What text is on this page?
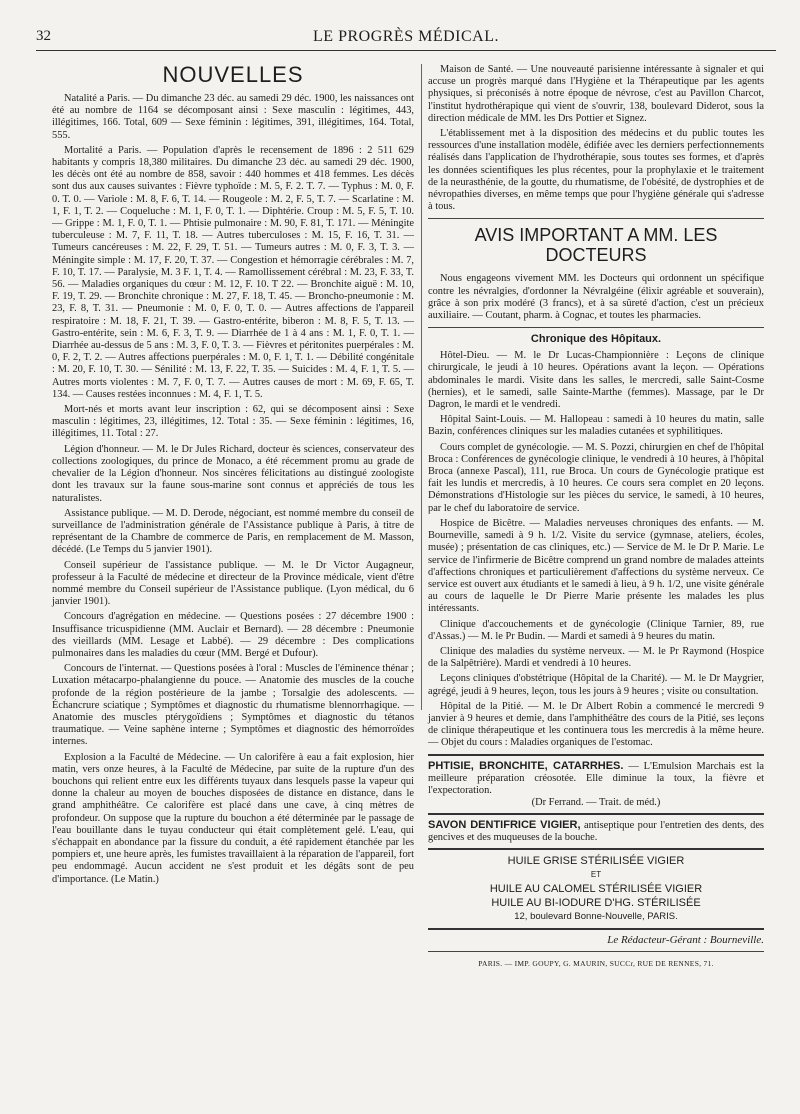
32	LE PROGRÈS MÉDICAL.
NOUVELLES

Natalité a Paris. — Du dimanche 23 déc. au samedi 29 déc. 1900, les naissances ont été au nombre de 1164 se décomposant ainsi : Sexe masculin : légitimes, 443, illégitimes, 166. Total, 609 — Sexe féminin : légitimes, 391, illégitimes, 164. Total, 555.

Mortalité a Paris. — Population d'après le recensement de 1896 : 2 511 629 habitants y compris 18,380 militaires. Du dimanche 23 déc. au samedi 29 déc. 1900, les décès ont été au nombre de 858, savoir : 440 hommes et 418 femmes. Les décès sont dus aux causes suivantes : Fièvre typhoïde : M. 5, F. 2. T. 7. — Typhus : M. 0, F. 0. T. 0. — Variole : M. 8, F. 6, T. 14. — Rougeole : M. 2, F. 5, T. 7. — Scarlatine : M. 1, F. 1, T. 2. — Coqueluche : M. 1, F. 0, T. 1. — Diphtérie. Croup : M. 5, F. 5, T. 10. — Grippe : M. 1, F. 0, T. 1. — Phtisie pulmonaire : M. 90, F. 81, T. 171. — Méningite tuberculeuse : M. 7, F. 11, T. 18. — Autres tuberculoses : M. 15, F. 16, T. 31. — Tumeurs cancéreuses : M. 22, F. 29, T. 51. — Tumeurs autres : M. 0, F. 3, T. 3. — Méningite simple : M. 17, F. 20, T. 37. — Congestion et hémorragie cérébrales : M. 7, F. 10, T. 17. — Paralysie, M. 3 F. 1, T. 4. — Ramollissement cérébral : M. 23, F. 33, T. 56. — Maladies organiques du cœur : M. 12, F. 10. T 22. — Bronchite aiguë : M. 10, F. 19, T. 29. — Bronchite chronique : M. 27, F. 18, T. 45. — Broncho-pneumonie : M. 23, F. 8, T. 31. — Pneumonie : M. 0, F. 0, T. 0. — Autres affections de l'appareil respiratoire : M. 18, F. 21, T. 39. — Gastro-entérite, biberon : M. 8, F. 5, T. 13. — Gastro-entérite, sein : M. 6, F. 3, T. 9. — Diarrhée de 1 à 4 ans : M. 1, F. 0, T. 1. — Diarrhée au-dessus de 5 ans : M. 3, F. 0, T. 3. — Fièvres et péritonites puerpérales : M. 0, F. 2, T. 2. — Autres affections puerpérales : M. 0, F. 1, T. 1. — Débilité congénitale : M. 20, F. 10, T. 30. — Sénilité : M. 13, F. 22, T. 35. — Suicides : M. 4, F. 1, T. 5. — Autres morts violentes : M. 7, F. 0, T. 7. — Autres causes de mort : M. 69, F. 65, T. 134. — Causes restées inconnues : M. 4, F. 1, T. 5.

Mort-nés et morts avant leur inscription : 62, qui se décomposent ainsi : Sexe masculin : légitimes, 23, illégitimes, 12. Total : 35. — Sexe féminin : légitimes, 16, illégitimes, 11. Total : 27.

Légion d'honneur. — M. le Dr Jules Richard, docteur ès sciences, conservateur des collections zoologiques, du prince de Monaco, a été récemment promu au grade de chevalier de la Légion d'honneur. Nos sincères félicitations au distingué zoologiste dont les travaux sur la faune sous-marine sont connus et appréciés de tous les naturalistes.

Assistance publique. — M. D. Derode, négociant, est nommé membre du conseil de surveillance de l'administration générale de l'Assistance publique à Paris, à titre de représentant de la Chambre de commerce de Paris, en remplacement de M. Masson, décédé. (Le Temps du 5 janvier 1901).

Conseil supérieur de l'assistance publique. — M. le Dr Victor Augagneur, professeur à la Faculté de médecine et directeur de la Province médicale, vient d'être nommé membre du Conseil supérieur de l'Assistance publique. (Lyon médical, du 6 janvier 1901).

Concours d'agrégation en médecine. — Questions posées : 27 décembre 1900 : Insuffisance tricuspidienne (MM. Auclair et Bernard). — 28 décembre : Pneumonie des vieillards (MM. Lesage et Labbé). — 29 décembre : Des complications pulmonaires dans les maladies du cœur (MM. Bergé et Dufour).

Concours de l'internat. — Questions posées à l'oral : Muscles de l'éminence thénar ; Luxation métacarpo-phalangienne du pouce. — Anatomie des muscles de la couche profonde de la région postérieure de la jambe ; Torsalgie des adolescents. — Échancrure sciatique ; Symptômes et diagnostic du rhumatisme blennorrhagique. — Anatomie des muscles ptérygoïdiens ; Symptômes et diagnostic du tétanos traumatique. — Veine saphène interne ; Symptômes et diagnostic des hémorroïdes internes.

Explosion a la Faculté de Médecine. — Un calorifère à eau a fait explosion, hier matin, vers onze heures, à la Faculté de Médecine, par suite de la rupture d'un des bouchons qui relient entre eux les différents tuyaux dans lesquels passe la vapeur qui donne la chaleur au moyen de bouches disposées de distance en distance, dans le grand amphithéâtre. Ce calorifère est placé dans une cave, à cinq mètres de profondeur. On suppose que la rupture du bouchon a été déterminée par le passage de l'eau bouillante dans le tuyau conducteur qui était complètement gelé. L'eau, qui s'échappait en abondance par la fissure du conduit, a été rapidement étanchée par les pompiers et, une heure après, les fumistes travaillaient à la réparation de l'appareil, fort peu endommagé. Aucun accident ne s'est produit et les dégâts sont de peu d'importance. (Le Matin.)

Maison de Santé. — Une nouveauté parisienne intéressante à signaler et qui accuse un progrès marqué dans l'Hygiène et la Thérapeutique par les agents physiques, si préconisés à notre époque de névrose, c'est au Pavillon Charcot, l'institut hydrothérapique qui vient de s'ouvrir, 138, boulevard Diderot, sous la direction médicale de MM. les Drs Pottier et Signez.

L'établissement met à la disposition des médecins et du public toutes les ressources d'une installation modèle, édifiée avec les derniers perfectionnements réalisés dans l'application de l'hydrothérapie, sous toutes ses formes, et d'après les données scientifiques les plus récentes, pour la prophylaxie et le traitement de la neurasthénie, de la goutte, du rhumatisme, de l'obésité, de dystrophies et de névropathies diverses, en même temps que pour l'hygiène générale qui s'adresse à tous.

AVIS IMPORTANT A MM. LES DOCTEURS

Nous engageons vivement MM. les Docteurs qui ordonnent un spécifique contre les névralgies, d'ordonner la Névralgéine (élixir agréable et souverain), grâce à son prix modéré (3 francs), et à sa sûreté d'action, c'est un précieux auxiliaire. — Coutant, pharm. à Cognac, et toutes les pharmacies.

Chronique des Hôpitaux.

Hôtel-Dieu. — M. le Dr Lucas-Championnière : Leçons de clinique chirurgicale, le jeudi à 10 heures. Opérations avant la leçon. — Opérations abdominales le mardi. Visite dans les salles, le mercredi, salle Saint-Cosme (hernies), et le samedi, salle Sainte-Marthe (femmes). Massage, par le Dr Dagron, le mardi et le vendredi.

Hôpital Saint-Louis. — M. Hallopeau : samedi à 10 heures du matin, salle Bazin, conférences cliniques sur les maladies cutanées et syphilitiques.

Cours complet de gynécologie. — M. S. Pozzi, chirurgien en chef de l'hôpital Broca : Conférences de gynécologie clinique, le vendredi à 10 heures, à l'hôpital Broca (annexe Pascal), 111, rue Broca. Un cours de Gynécologie pratique est fait les lundis et mercredis, à 10 heures. Ce cours sera complet en 20 leçons. Démonstrations d'Histologie sur les pièces du service, le samedi, à 10 heures, par le chef du laboratoire de service.

Hospice de Bicêtre. — Maladies nerveuses chroniques des enfants. — M. Bourneville, samedi à 9 h. 1/2. Visite du service (gymnase, ateliers, écoles, musée) ; présentation de cas cliniques, etc.) — Service de M. le Dr P. Marie. Le service de l'infirmerie de Bicêtre comprend un grand nombre de malades atteints d'affections chroniques et particulièrement d'affections du système nerveux. Ce service est ouvert aux étudiants et le samedi à lieu, à 9 h. 1/2, une visite générale au cours de laquelle le Dr Pierre Marie présente les malades les plus intéressants.

Clinique d'accouchements et de gynécologie (Clinique Tarnier, 89, rue d'Assas.) — M. le Pr Budin. — Mardi et samedi à 9 heures du matin.

Clinique des maladies du système nerveux. — M. le Pr Raymond (Hospice de la Salpêtrière). Mardi et vendredi à 10 heures.

Leçons cliniques d'obstétrique (Hôpital de la Charité). — M. le Dr Maygrier, agrégé, jeudi à 9 heures, leçon, tous les jours à 9 heures ; visite ou consultation.

Hôpital de la Pitié. — M. le Dr Albert Robin a commencé le mercredi 9 janvier à 9 heures et demie, dans l'amphithéâtre des cours de la Pitié, ses leçons de clinique thérapeutique et les continuera tous les mercredis à la même heure. — Objet du cours : Maladies organiques de l'estomac.

PHTISIE, BRONCHITE, CATARRHES. — L'Emulsion Marchais est la meilleure préparation créosotée. Elle diminue la toux, la fièvre et l'expectoration.
(Dr Ferrand. — Trait. de méd.)
SAVON DENTIFRICE VIGIER, antiseptique pour l'entretien des dents, des gencives et des muqueuses de la bouche.
HUILE GRISE STÉRILISÉE VIGIER
ET
HUILE AU CALOMEL STÉRILISÉE VIGIER
HUILE AU BI-IODURE D'HG. STÉRILISÉE
12, boulevard Bonne-Nouvelle, PARIS.
Le Rédacteur-Gérant : Bourneville.
PARIS. — IMP. GOUPY, G. MAURIN, SUCCr, RUE DE RENNES, 71.
